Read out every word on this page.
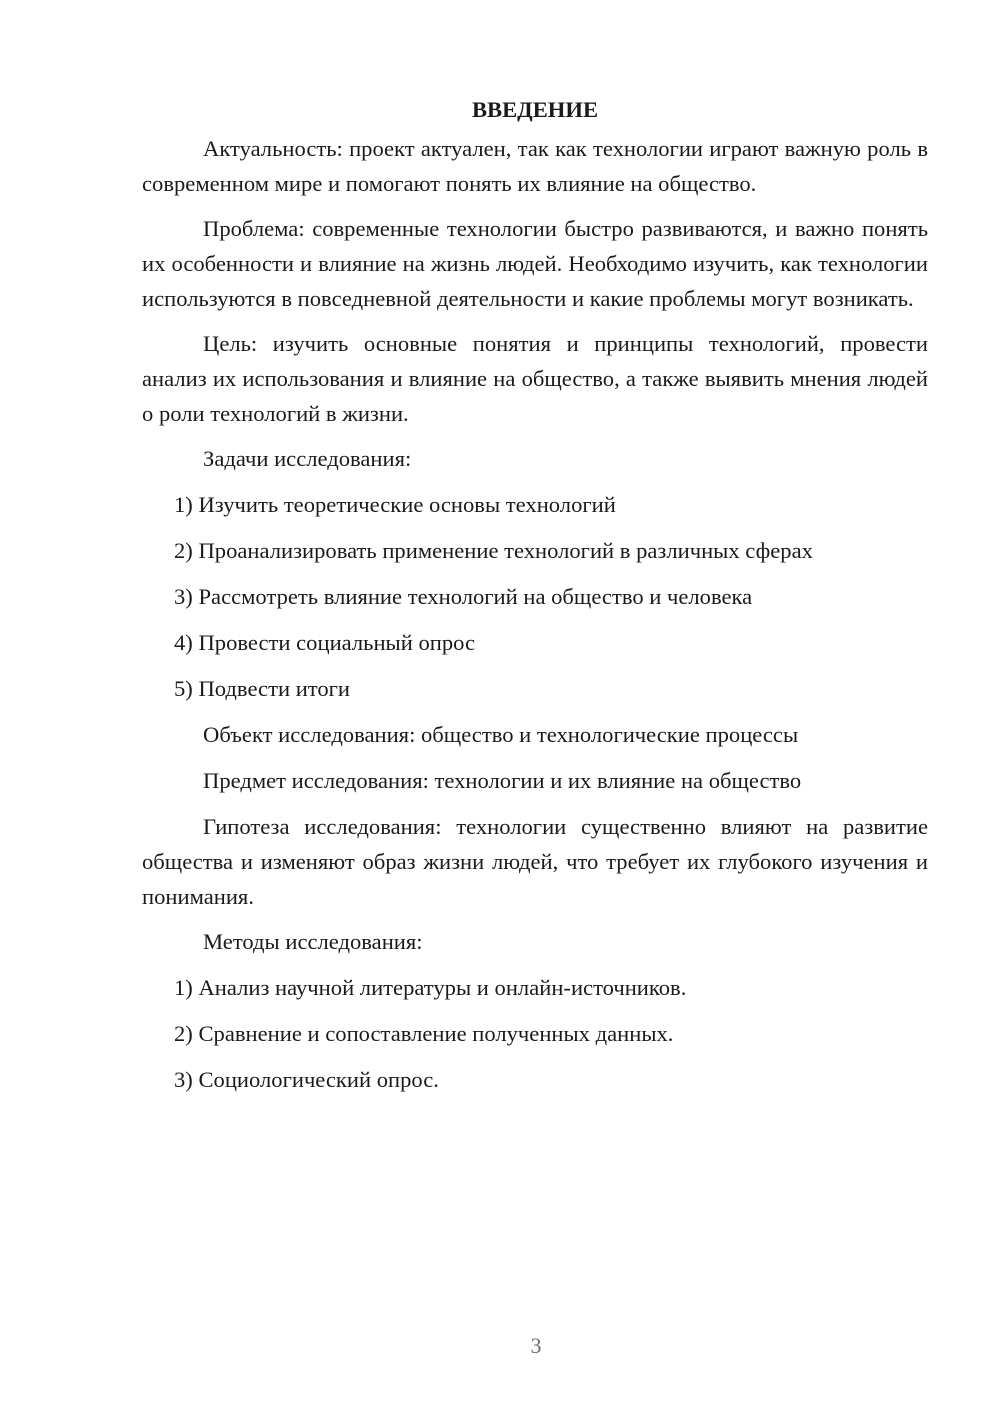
ВВЕДЕНИЕ

Актуальность: проект актуален, так как технологии играют важную роль в современном мире и помогают понять их влияние на общество.

Проблема: современные технологии быстро развиваются, и важно понять их особенности и влияние на жизнь людей. Необходимо изучить, как технологии используются в повседневной деятельности и какие проблемы могут возникать.

Цель: изучить основные понятия и принципы технологий, провести анализ их использования и влияние на общество, а также выявить мнения людей о роли технологий в жизни.

Задачи исследования:
1) Изучить теоретические основы технологий
2) Проанализировать применение технологий в различных сферах
3) Рассмотреть влияние технологий на общество и человека
4) Провести социальный опрос
5) Подвести итоги
Объект исследования: общество и технологические процессы
Предмет исследования: технологии и их влияние на общество

Гипотеза исследования: технологии существенно влияют на развитие общества и изменяют образ жизни людей, что требует их глубокого изучения и понимания.

Методы исследования:
1) Анализ научной литературы и онлайн-источников.
2) Сравнение и сопоставление полученных данных.
3) Социологический опрос.
3
